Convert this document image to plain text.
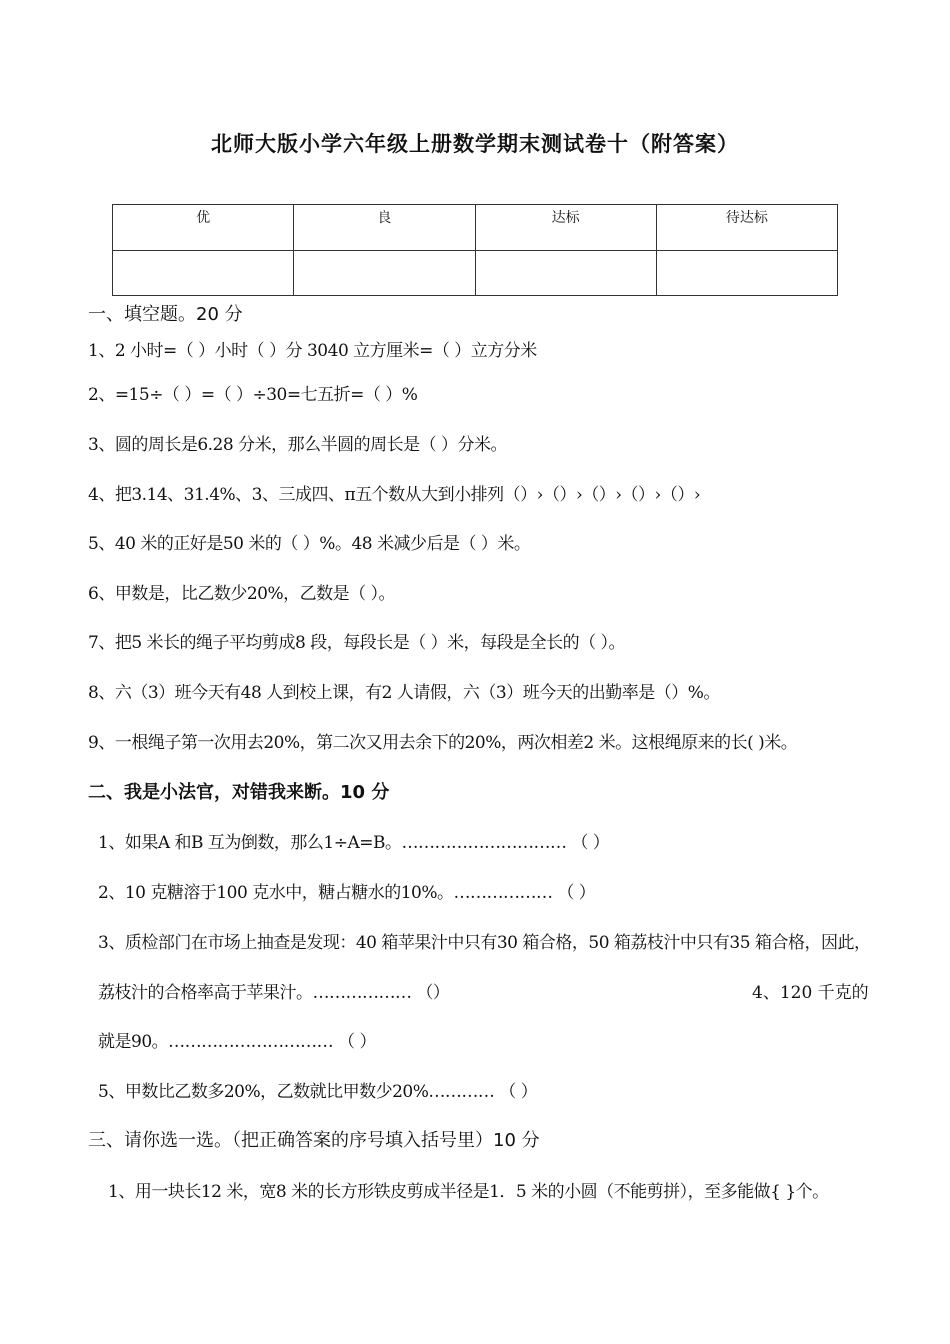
北师大版小学六年级上册数学期末测试卷十（附答案）
优	良	达标	待达标

一、填空题。20 分
1、2 小时=（ ）小时（ ）分 3040 立方厘米=（ ）立方分米
2、=15÷（ ）=（ ）÷30=七五折=（ ）%
3、圆的周长是6.28 分米，那么半圆的周长是（ ）分米。
4、把3.14、31.4%、3、三成四、π五个数从大到小排列（）›（）›（）›（）›（）›
5、40 米的正好是50 米的（ ）%。48 米减少后是（ ）米。
6、甲数是，比乙数少20%，乙数是（ ）。
7、把5 米长的绳子平均剪成8 段，每段长是（ ）米，每段是全长的（ ）。
8、六（3）班今天有48 人到校上课，有2 人请假，六（3）班今天的出勤率是（）%。
9、一根绳子第一次用去20%，第二次又用去余下的20%，两次相差2 米。这根绳原来的长( )米。
二、我是小法官，对错我来断。10 分
1、如果A 和B 互为倒数，那么1÷A=B。………………………… （ ）
2、10 克糖溶于100 克水中，糖占糖水的10%。……………… （ ）
3、质检部门在市场上抽查是发现：40 箱苹果汁中只有30 箱合格，50 箱荔枝汁中只有35 箱合格，因此，
荔枝汁的合格率高于苹果汁。……………… （）	4、120 千克的
就是90。………………………… （ ）
5、甲数比乙数多20%，乙数就比甲数少20%………… （ ）
三、请你选一选。（把正确答案的序号填入括号里）10 分
1、用一块长12 米，宽8 米的长方形铁皮剪成半径是1．5 米的小圆（不能剪拼），至多能做{ }个。
